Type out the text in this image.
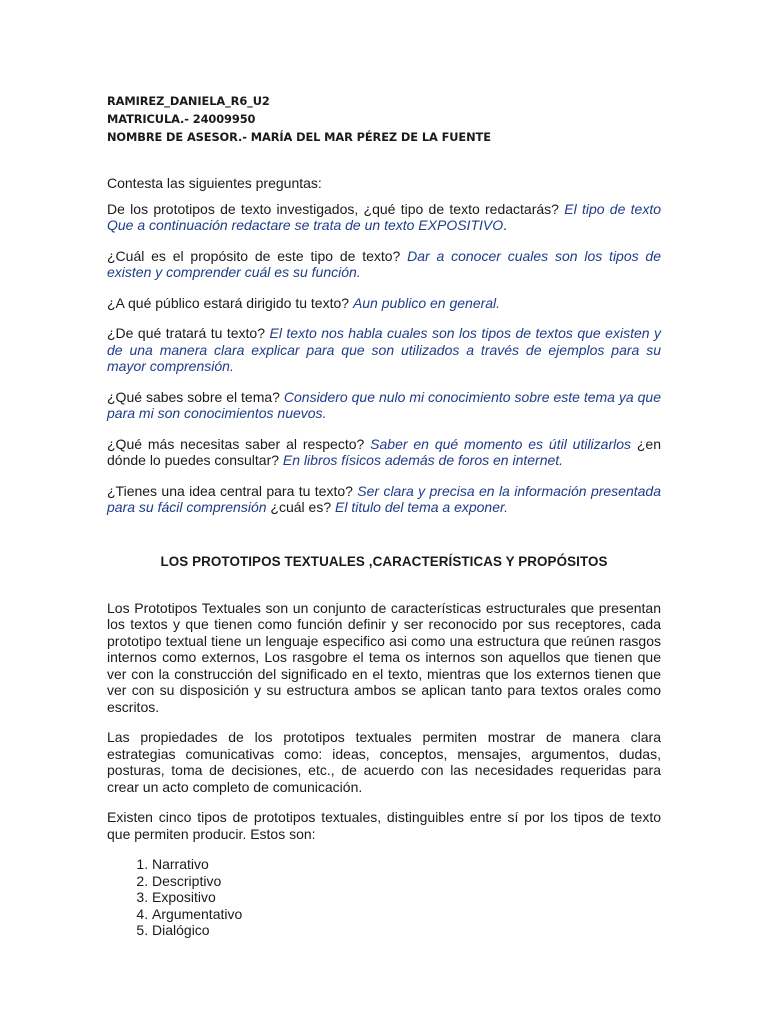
RAMIREZ_DANIELA_R6_U2
MATRICULA.- 24009950
NOMBRE DE ASESOR.- MARÍA DEL MAR PÉREZ DE LA FUENTE
Contesta las siguientes preguntas:

De los prototipos de texto investigados, ¿qué tipo de texto redactarás? El tipo de texto Que a continuación redactare se trata de un texto EXPOSITIVO.

¿Cuál es el propósito de este tipo de texto? Dar a conocer cuales son los tipos de existen y comprender cuál es su función.

¿A qué público estará dirigido tu texto? Aun publico en general.

¿De qué tratará tu texto? El texto nos habla cuales son los tipos de textos que existen y de una manera clara explicar para que son utilizados a través de ejemplos para su mayor comprensión.

¿Qué sabes sobre el tema? Considero que nulo mi conocimiento sobre este tema ya que para mi son conocimientos nuevos.

¿Qué más necesitas saber al respecto? Saber en qué momento es útil utilizarlos ¿en dónde lo puedes consultar? En libros físicos además de foros en internet.

¿Tienes una idea central para tu texto? Ser clara y precisa en la información presentada para su fácil comprensión ¿cuál es? El titulo del tema a exponer.

LOS PROTOTIPOS TEXTUALES ,CARACTERÍSTICAS Y PROPÓSITOS

Los Prototipos Textuales son un conjunto de características estructurales que presentan los textos y que tienen como función definir y ser reconocido por sus receptores, cada prototipo textual tiene un lenguaje especifico asi como una estructura que reúnen rasgos internos como externos, Los rasgobre el tema os internos son aquellos que tienen que ver con la construcción del significado en el texto, mientras que los externos tienen que ver con su disposición y su estructura ambos se aplican tanto para textos orales como escritos.

Las propiedades de los prototipos textuales permiten mostrar de manera clara estrategias comunicativas como: ideas, conceptos, mensajes, argumentos, dudas, posturas, toma de decisiones, etc., de acuerdo con las necesidades requeridas para crear un acto completo de comunicación.

Existen cinco tipos de prototipos textuales, distinguibles entre sí por los tipos de texto que permiten producir. Estos son:

1. Narrativo
2. Descriptivo
3. Expositivo
4. Argumentativo
5. Dialógico
